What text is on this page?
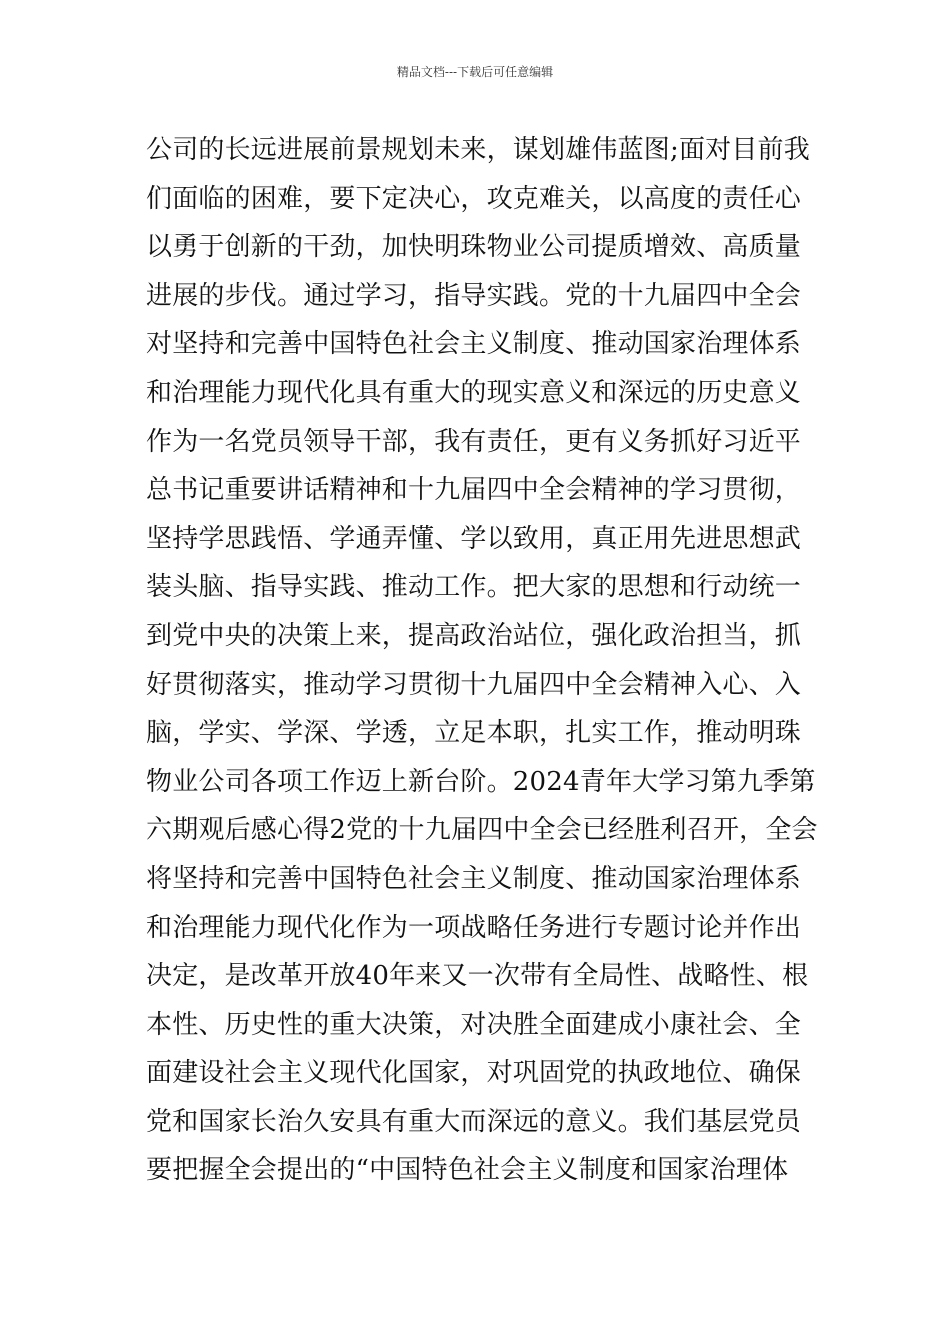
精品文档---下载后可任意编辑
公司的长远进展前景规划未来，谋划雄伟蓝图;面对目前我
们面临的困难，要下定决心，攻克难关，以高度的责任心
以勇于创新的干劲，加快明珠物业公司提质增效、高质量
进展的步伐。通过学习，指导实践。党的十九届四中全会
对坚持和完善中国特色社会主义制度、推动国家治理体系
和治理能力现代化具有重大的现实意义和深远的历史意义
作为一名党员领导干部，我有责任，更有义务抓好习近平
总书记重要讲话精神和十九届四中全会精神的学习贯彻，
坚持学思践悟、学通弄懂、学以致用，真正用先进思想武
装头脑、指导实践、推动工作。把大家的思想和行动统一
到党中央的决策上来，提高政治站位，强化政治担当，抓
好贯彻落实，推动学习贯彻十九届四中全会精神入心、入
脑，学实、学深、学透，立足本职，扎实工作，推动明珠
物业公司各项工作迈上新台阶。2024青年大学习第九季第
六期观后感心得2党的十九届四中全会已经胜利召开，全会
将坚持和完善中国特色社会主义制度、推动国家治理体系
和治理能力现代化作为一项战略任务进行专题讨论并作出
决定，是改革开放40年来又一次带有全局性、战略性、根
本性、历史性的重大决策，对决胜全面建成小康社会、全
面建设社会主义现代化国家，对巩固党的执政地位、确保
党和国家长治久安具有重大而深远的意义。我们基层党员
要把握全会提出的“中国特色社会主义制度和国家治理体
